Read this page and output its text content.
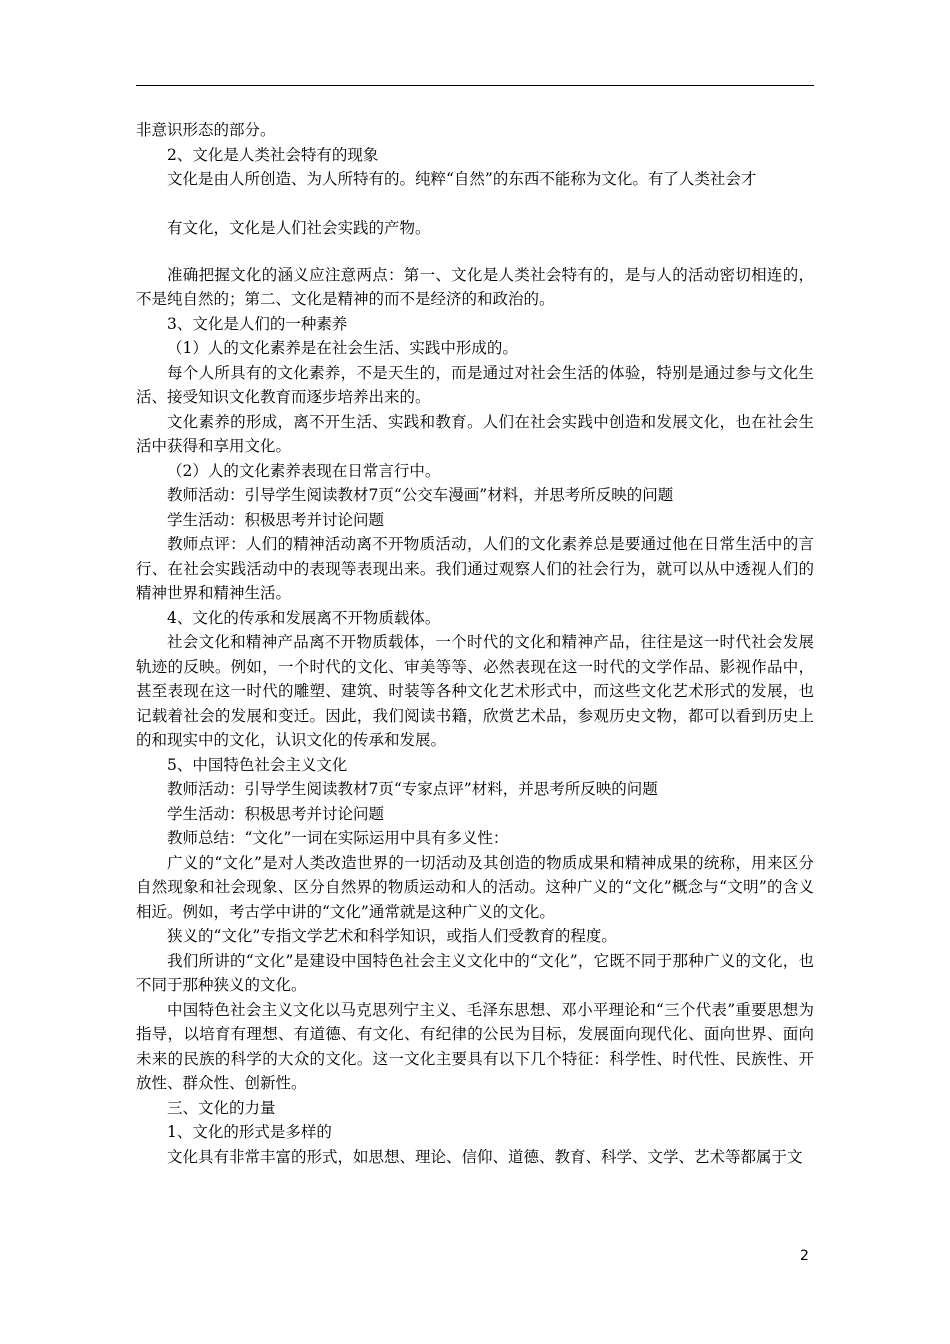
非意识形态的部分。

2、文化是人类社会特有的现象

文化是由人所创造、为人所特有的。纯粹“自然”的东西不能称为文化。有了人类社会才

有文化，文化是人们社会实践的产物。

准确把握文化的涵义应注意两点：第一、文化是人类社会特有的，是与人的活动密切相连的，不是纯自然的；第二、文化是精神的而不是经济的和政治的。

3、文化是人们的一种素养

（1）人的文化素养是在社会生活、实践中形成的。

每个人所具有的文化素养，不是天生的，而是通过对社会生活的体验，特别是通过参与文化生活、接受知识文化教育而逐步培养出来的。

文化素养的形成，离不开生活、实践和教育。人们在社会实践中创造和发展文化，也在社会生活中获得和享用文化。

（2）人的文化素养表现在日常言行中。

教师活动：引导学生阅读教材7页“公交车漫画”材料，并思考所反映的问题

学生活动：积极思考并讨论问题

教师点评：人们的精神活动离不开物质活动，人们的文化素养总是要通过他在日常生活中的言行、在社会实践活动中的表现等表现出来。我们通过观察人们的社会行为，就可以从中透视人们的精神世界和精神生活。

4、文化的传承和发展离不开物质载体。

社会文化和精神产品离不开物质载体，一个时代的文化和精神产品，往往是这一时代社会发展轨迹的反映。例如，一个时代的文化、审美等等、必然表现在这一时代的文学作品、影视作品中，甚至表现在这一时代的雕塑、建筑、时装等各种文化艺术形式中，而这些文化艺术形式的发展，也记载着社会的发展和变迁。因此，我们阅读书籍，欣赏艺术品，参观历史文物，都可以看到历史上的和现实中的文化，认识文化的传承和发展。

5、中国特色社会主义文化

教师活动：引导学生阅读教材7页“专家点评”材料，并思考所反映的问题

学生活动：积极思考并讨论问题

教师总结：“文化”一词在实际运用中具有多义性：

广义的“文化”是对人类改造世界的一切活动及其创造的物质成果和精神成果的统称，用来区分自然现象和社会现象、区分自然界的物质运动和人的活动。这种广义的“文化”概念与“文明”的含义相近。例如，考古学中讲的“文化”通常就是这种广义的文化。

狭义的“文化”专指文学艺术和科学知识，或指人们受教育的程度。

我们所讲的“文化”是建设中国特色社会主义文化中的“文化”，它既不同于那种广义的文化，也不同于那种狭义的文化。

中国特色社会主义文化以马克思列宁主义、毛泽东思想、邓小平理论和“三个代表”重要思想为指导，以培育有理想、有道德、有文化、有纪律的公民为目标，发展面向现代化、面向世界、面向未来的民族的科学的大众的文化。这一文化主要具有以下几个特征：科学性、时代性、民族性、开放性、群众性、创新性。

三、文化的力量

1、文化的形式是多样的

文化具有非常丰富的形式，如思想、理论、信仰、道德、教育、科学、文学、艺术等都属于文

2
